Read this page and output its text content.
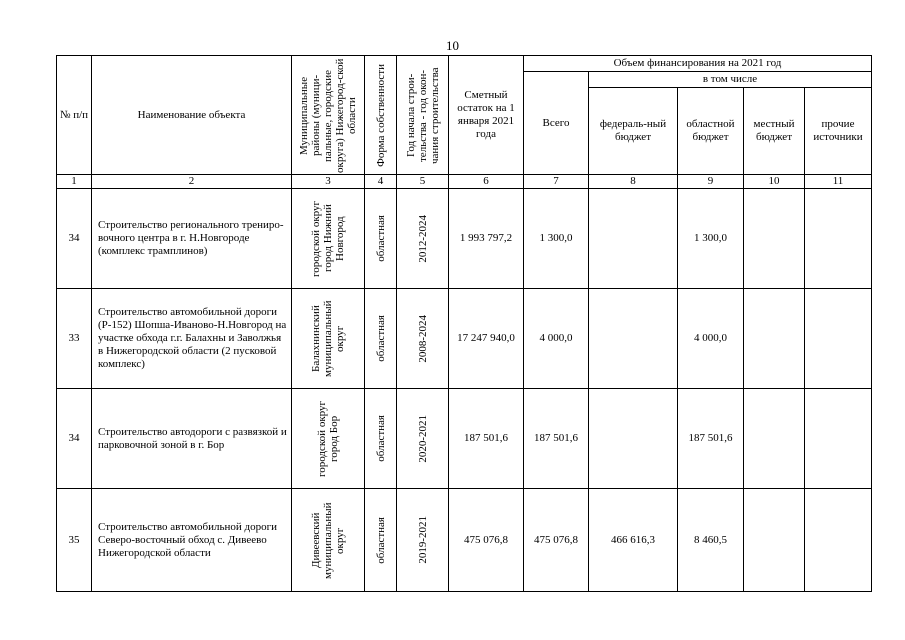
10
№ п/п	Наименование объекта	Муниципальные районы (муници-пальные, городские округа) Нижегород-ской области	Форма собственности	Год начала строи-тельства - год окон-чания строительства	Сметный остаток на 1 января 2021 года	Объем финансирования на 2021 год				
						Всего	в том числе			
							федераль-ный бюджет	областной бюджет	местный бюджет	прочие источники
1	2	3	4	5	6	7	8	9	10	11
34	Строительство регионального тренировочного центра в г. Н.Новгороде (комплекс трамплинов)	городской округ город Нижний Новгород	областная	2012-2024	1 993 797,2	1 300,0		1 300,0		
33	Строительство автомобильной дороги (Р-152) Шопша-Иваново-Н.Новгород на участке обхода г.г. Балахны и Заволжья в Нижегородской области (2 пусковой комплекс)	Балахнинский муниципальный округ	областная	2008-2024	17 247 940,0	4 000,0		4 000,0		
34	Строительство автодороги с развязкой и парковочной зоной в г. Бор	городской округ город Бор	областная	2020-2021	187 501,6	187 501,6		187 501,6		
35	Строительство автомобильной дороги Северо-восточный обход с. Дивеево Нижегородской области	Дивеевский муниципальный округ	областная	2019-2021	475 076,8	475 076,8	466 616,3	8 460,5		
